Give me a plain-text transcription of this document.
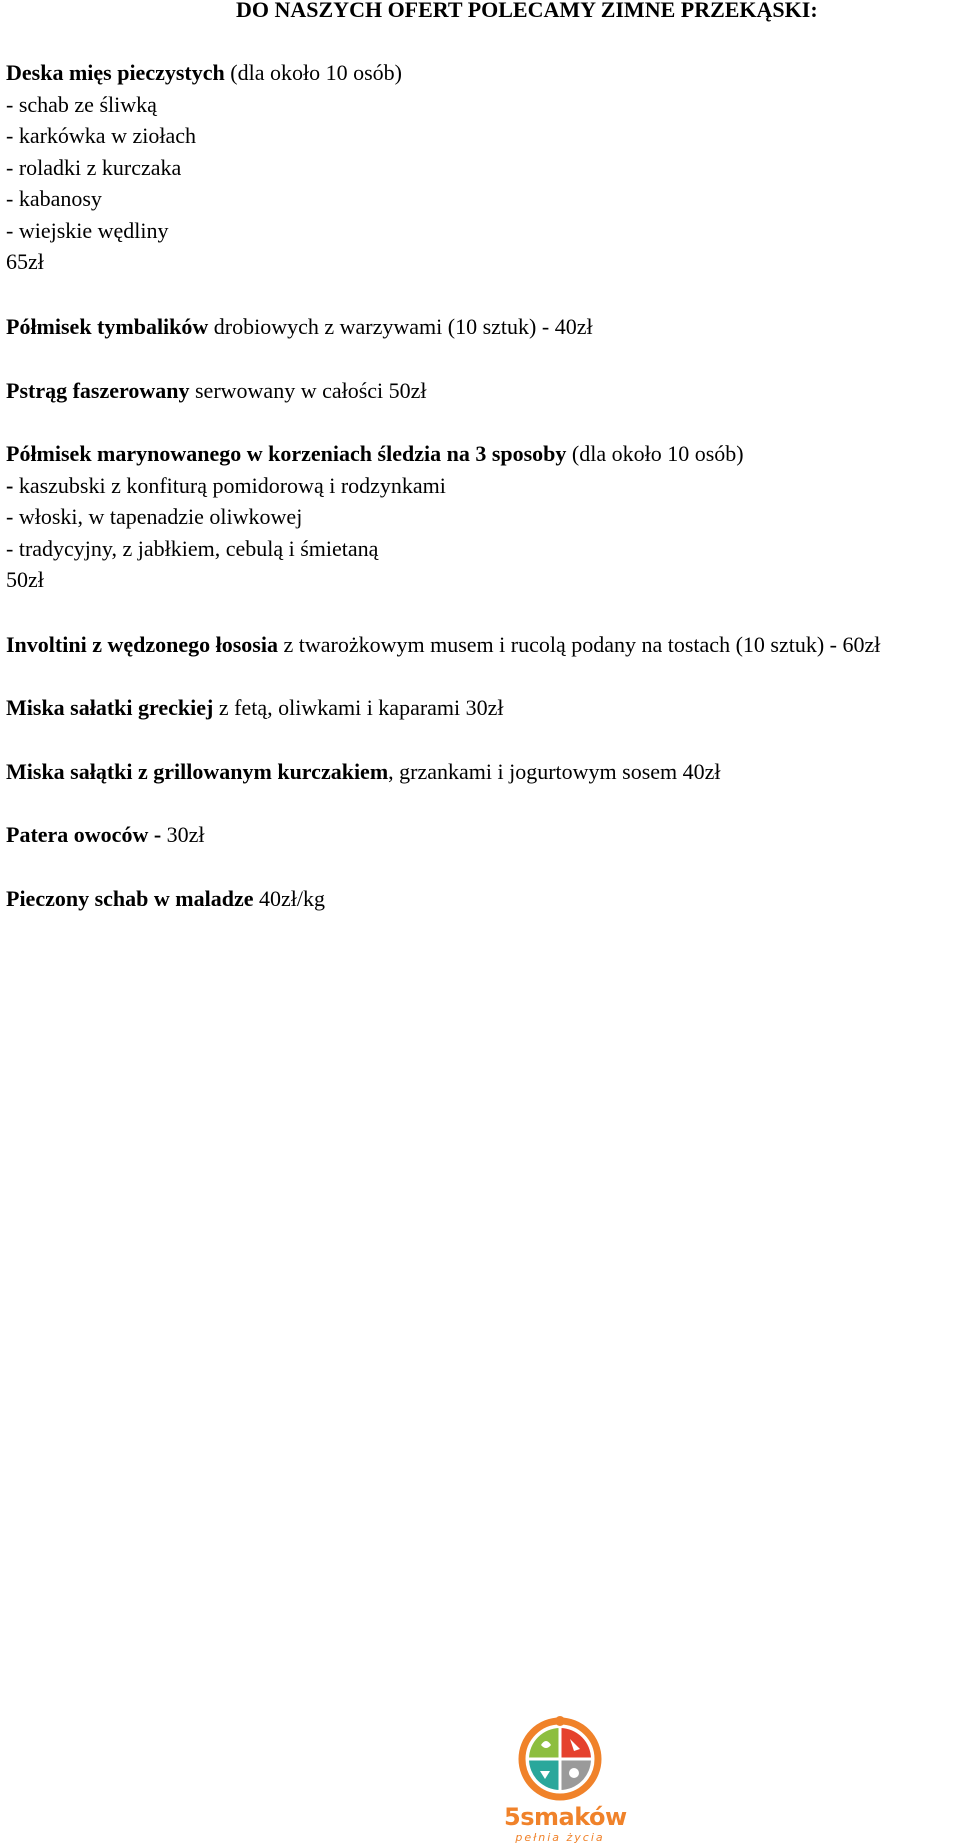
DO NASZYCH OFERT POLECAMY ZIMNE PRZEKĄSKI:
Deska mięs pieczystych (dla około 10 osób)
- schab ze śliwką
- karkówka w ziołach
- roladki z kurczaka
- kabanosy
- wiejskie wędliny
65zł
Półmisek tymbalików drobiowych z warzywami (10 sztuk) - 40zł
Pstrąg faszerowany serwowany w całości 50zł
Półmisek marynowanego w korzeniach śledzia na 3 sposoby (dla około 10 osób)
- kaszubski z konfiturą pomidorową i rodzynkami
- włoski, w tapenadzie oliwkowej
- tradycyjny, z jabłkiem, cebulą i śmietaną
50zł
Involtini z wędzonego łososia z twarożkowym musem i rucolą podany na tostach (10 sztuk) - 60zł
Miska sałatki greckiej z fetą, oliwkami i kaparami 30zł
Miska sałątki z grillowanym kurczakiem, grzankami i jogurtowym sosem 40zł
Patera owoców - 30zł
Pieczony schab w maladze 40zł/kg
5smaków
pełnia życia
